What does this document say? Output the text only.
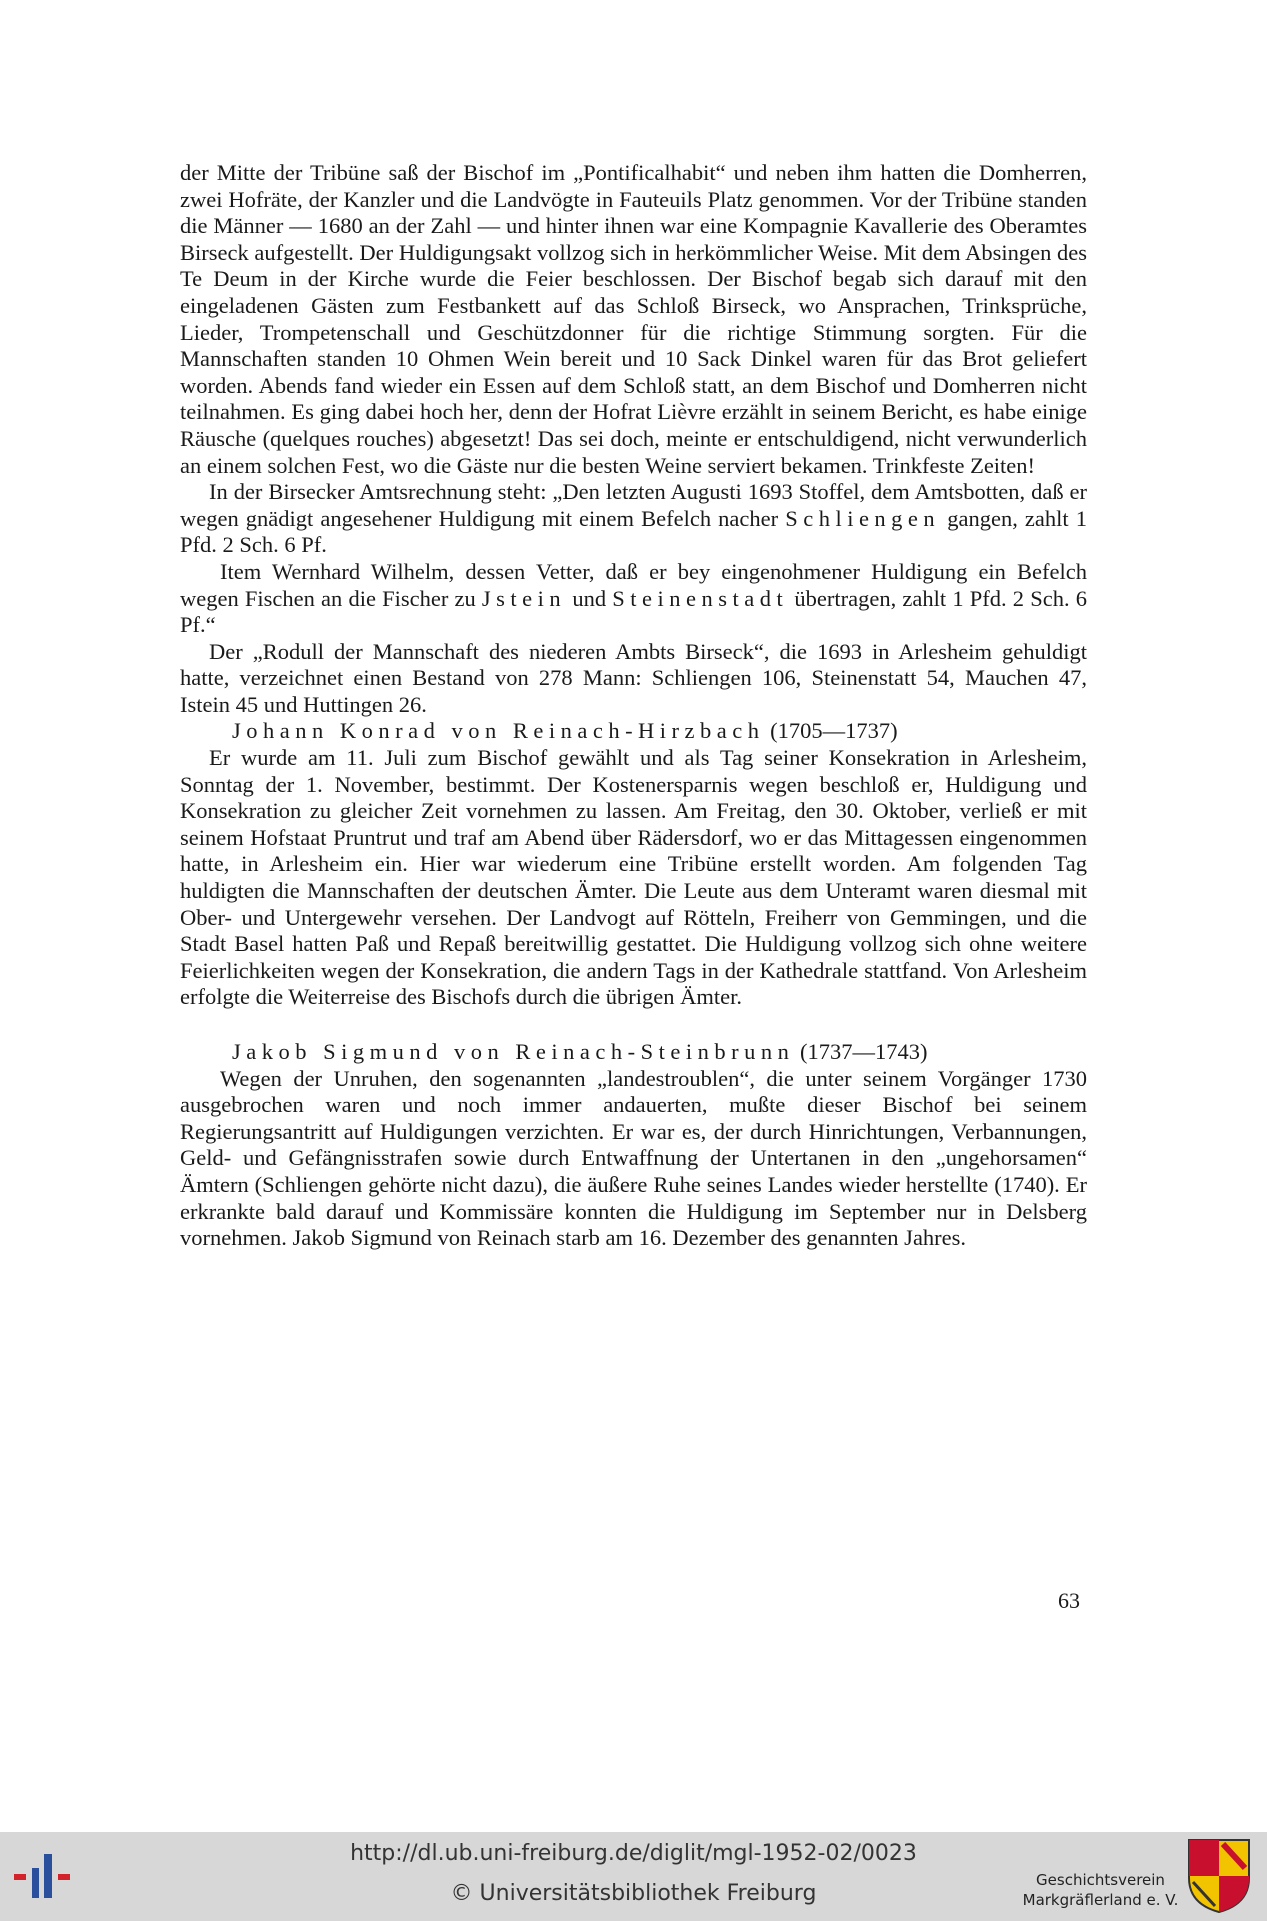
der Mitte der Tribüne saß der Bischof im „Pontificalhabit“ und neben ihm hatten die Domherren, zwei Hofräte, der Kanzler und die Landvögte in Fauteuils Platz genommen. Vor der Tribüne standen die Männer — 1680 an der Zahl — und hinter ihnen war eine Kompagnie Kavallerie des Oberamtes Birseck aufgestellt. Der Huldigungsakt vollzog sich in herkömmlicher Weise. Mit dem Absingen des Te Deum in der Kirche wurde die Feier beschlossen. Der Bischof begab sich darauf mit den eingeladenen Gästen zum Festbankett auf das Schloß Birseck, wo Ansprachen, Trinksprüche, Lieder, Trompetenschall und Geschützdonner für die richtige Stimmung sorgten. Für die Mannschaften standen 10 Ohmen Wein bereit und 10 Sack Dinkel waren für das Brot geliefert worden. Abends fand wieder ein Essen auf dem Schloß statt, an dem Bischof und Domherren nicht teilnahmen. Es ging dabei hoch her, denn der Hofrat Lièvre erzählt in seinem Bericht, es habe einige Räusche (quelques rouches) abgesetzt! Das sei doch, meinte er entschuldigend, nicht verwunderlich an einem solchen Fest, wo die Gäste nur die besten Weine serviert bekamen. Trinkfeste Zeiten!

In der Birsecker Amtsrechnung steht: „Den letzten Augusti 1693 Stoffel, dem Amtsbotten, daß er wegen gnädigt angesehener Huldigung mit einem Befelch nacher Schliengen gangen, zahlt 1 Pfd. 2 Sch. 6 Pf.

Item Wernhard Wilhelm, dessen Vetter, daß er bey eingenohmener Huldigung ein Befelch wegen Fischen an die Fischer zu Jstein und Steinenstadt übertragen, zahlt 1 Pfd. 2 Sch. 6 Pf.“

Der „Rodull der Mannschaft des niederen Ambts Birseck“, die 1693 in Arlesheim gehuldigt hatte, verzeichnet einen Bestand von 278 Mann: Schliengen 106, Steinenstatt 54, Mauchen 47, Istein 45 und Huttingen 26.

Johann Konrad von Reinach-Hirzbach (1705—1737)

Er wurde am 11. Juli zum Bischof gewählt und als Tag seiner Konsekration in Arlesheim, Sonntag der 1. November, bestimmt. Der Kostenersparnis wegen beschloß er, Huldigung und Konsekration zu gleicher Zeit vornehmen zu lassen. Am Freitag, den 30. Oktober, verließ er mit seinem Hofstaat Pruntrut und traf am Abend über Rädersdorf, wo er das Mittagessen eingenommen hatte, in Arlesheim ein. Hier war wiederum eine Tribüne erstellt worden. Am folgenden Tag huldigten die Mannschaften der deutschen Ämter. Die Leute aus dem Unteramt waren diesmal mit Ober- und Untergewehr versehen. Der Landvogt auf Rötteln, Freiherr von Gemmingen, und die Stadt Basel hatten Paß und Repaß bereitwillig gestattet. Die Huldigung vollzog sich ohne weitere Feierlichkeiten wegen der Konsekration, die andern Tags in der Kathedrale stattfand. Von Arlesheim erfolgte die Weiterreise des Bischofs durch die übrigen Ämter.

Jakob Sigmund von Reinach-Steinbrunn (1737—1743)

Wegen der Unruhen, den sogenannten „landestroublen“, die unter seinem Vorgänger 1730 ausgebrochen waren und noch immer andauerten, mußte dieser Bischof bei seinem Regierungsantritt auf Huldigungen verzichten. Er war es, der durch Hinrichtungen, Verbannungen, Geld- und Gefängnisstrafen sowie durch Entwaffnung der Untertanen in den „ungehorsamen“ Ämtern (Schliengen gehörte nicht dazu), die äußere Ruhe seines Landes wieder herstellte (1740). Er erkrankte bald darauf und Kommissäre konnten die Huldigung im September nur in Delsberg vornehmen. Jakob Sigmund von Reinach starb am 16. Dezember des genannten Jahres.

63
http://dl.ub.uni-freiburg.de/diglit/mgl-1952-02/0023
© Universitätsbibliothek Freiburg
Geschichtsverein
Markgräflerland e. V.
